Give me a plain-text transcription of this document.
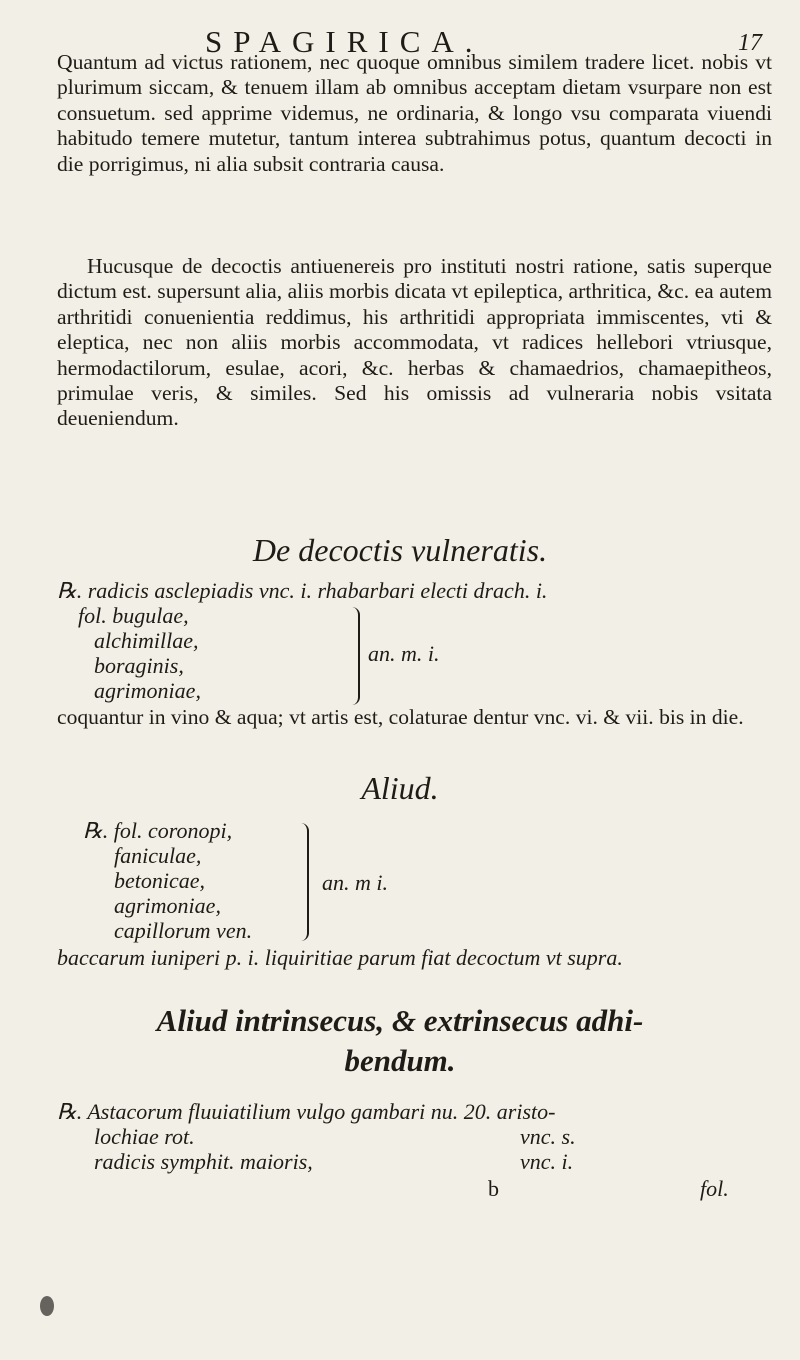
SPAGIRICA.	17

Quantum ad victus rationem, nec quoque omnibus similem tradere licet. nobis vt plurimum siccam, & tenuem illam ab omnibus acceptam dietam vsurpare non est consuetum. sed apprime videmus, ne ordinaria, & longo vsu comparata viuendi habitudo temere mutetur, tantum interea subtrahimus potus, quantum decocti in die porrigimus, ni alia subsit contraria causa.

Hucusque de decoctis antiuenereis pro instituti nostri ratione, satis superque dictum est. supersunt alia, aliis morbis dicata vt epileptica, arthritica, &c. ea autem arthritidi conuenientia reddimus, his arthritidi appropriata immiscentes, vti & eleptica, nec non aliis morbis accommodata, vt radices hellebori vtriusque, hermodactilorum, esulae, acori, &c. herbas & chamaedrios, chamaepitheos, primulae veris, & similes. Sed his omissis ad vulneraria nobis vsitata deueniendum.

De decoctis vulneratis.
℞. radicis asclepiadis vnc. i. rhabarbari electi drach. i.
fol. bugulae,
alchimillae,
boraginis,
agrimoniae,
an. m. i.

coquantur in vino & aqua; vt artis est, colaturae dentur vnc. vi. & vii. bis in die.

Aliud.
℞. fol. coronopi,
faniculae,
betonicae,
agrimoniae,
capillorum ven.
an. m i.

baccarum iuniperi p. i. liquiritiae parum fiat decoctum vt supra.

Aliud intrinsecus, & extrinsecus adhi-
bendum.
℞. Astacorum fluuiatilium vulgo gambari nu. 20. aristo-
lochiae rot.	vnc. s.
radicis symphit. maioris,	vnc. i.
b	fol.
